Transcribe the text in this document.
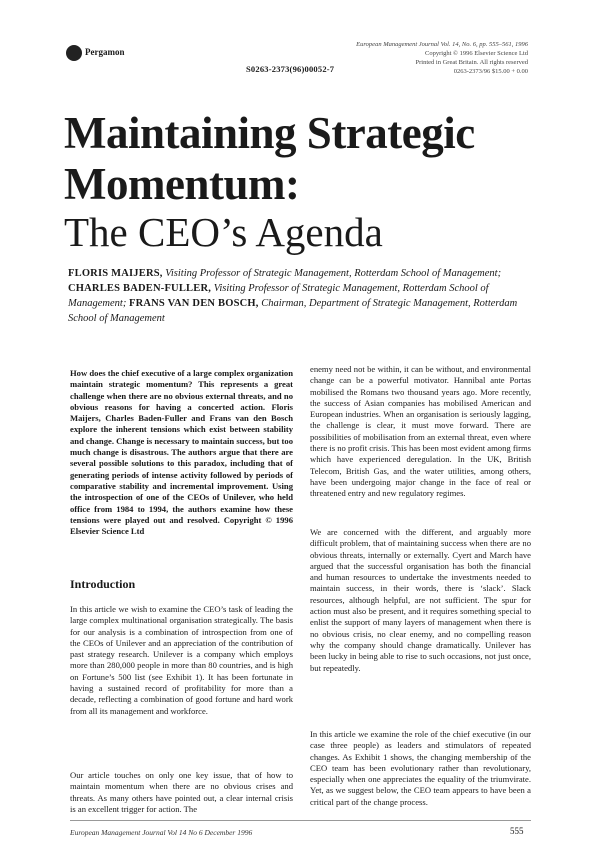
Pergamon
European Management Journal Vol. 14, No. 6, pp. 555–561, 1996
Copyright © 1996 Elsevier Science Ltd
Printed in Great Britain. All rights reserved
0263-2373/96 $15.00 + 0.00
S0263-2373(96)00052-7
Maintaining Strategic
Momentum:
The CEO’s Agenda
FLORIS MAIJERS, Visiting Professor of Strategic Management, Rotterdam School of Management; CHARLES BADEN-FULLER, Visiting Professor of Strategic Management, Rotterdam School of Management; FRANS VAN DEN BOSCH, Chairman, Department of Strategic Management, Rotterdam School of Management
How does the chief executive of a large complex organization maintain strategic momentum? This represents a great challenge when there are no obvious external threats, and no obvious reasons for having a concerted action. Floris Maijers, Charles Baden-Fuller and Frans van den Bosch explore the inherent tensions which exist between stability and change. Change is necessary to maintain success, but too much change is disastrous. The authors argue that there are several possible solutions to this paradox, including that of generating periods of intense activity followed by periods of comparative stability and incremental improvement. Using the introspection of one of the CEOs of Unilever, who held office from 1984 to 1994, the authors examine how these tensions were played out and resolved. Copyright © 1996 Elsevier Science Ltd
Introduction
In this article we wish to examine the CEO’s task of leading the large complex multinational organisation strategically. The basis for our analysis is a combination of introspection from one of the CEOs of Unilever and an appreciation of the contribution of past strategy research. Unilever is a company which employs more than 280,000 people in more than 80 countries, and is high on Fortune’s 500 list (see Exhibit 1). It has been fortunate in having a sustained record of profitability for more than a decade, reflecting a combination of good fortune and hard work from all its management and workforce.
Our article touches on only one key issue, that of how to maintain momentum when there are no obvious crises and threats. As many others have pointed out, a clear internal crisis is an excellent trigger for action. The
enemy need not be within, it can be without, and environmental change can be a powerful motivator. Hannibal ante Portas mobilised the Romans two thousand years ago. More recently, the success of Asian companies has mobilised American and European industries. When an organisation is seriously lagging, the challenge is clear, it must move forward. There are possibilities of mobilisation from an external threat, even where there is no profit crisis. This has been most evident among firms which have experienced deregulation. In the UK, British Telecom, British Gas, and the water utilities, among others, have been undergoing major change in the face of real or threatened entry and new regulatory regimes.
We are concerned with the different, and arguably more difficult problem, that of maintaining success when there are no obvious threats, internally or externally. Cyert and March have argued that the successful organisation has both the financial and human resources to undertake the investments needed to maintain success, in their words, there is ‘slack’. Slack resources, although helpful, are not sufficient. The spur for action must also be present, and it requires something special to enlist the support of many layers of management when there is no obvious crisis, no clear enemy, and no compelling reason why the company should change dramatically. Unilever has been lucky in being able to rise to such occasions, not just once, but repeatedly.
In this article we examine the role of the chief executive (in our case three people) as leaders and stimulators of repeated changes. As Exhibit 1 shows, the changing membership of the CEO team has been evolutionary rather than revolutionary, especially when one appreciates the equality of the triumvirate. Yet, as we suggest below, the CEO team appears to have been a critical part of the change process.
European Management Journal Vol 14 No 6 December 1996	555
